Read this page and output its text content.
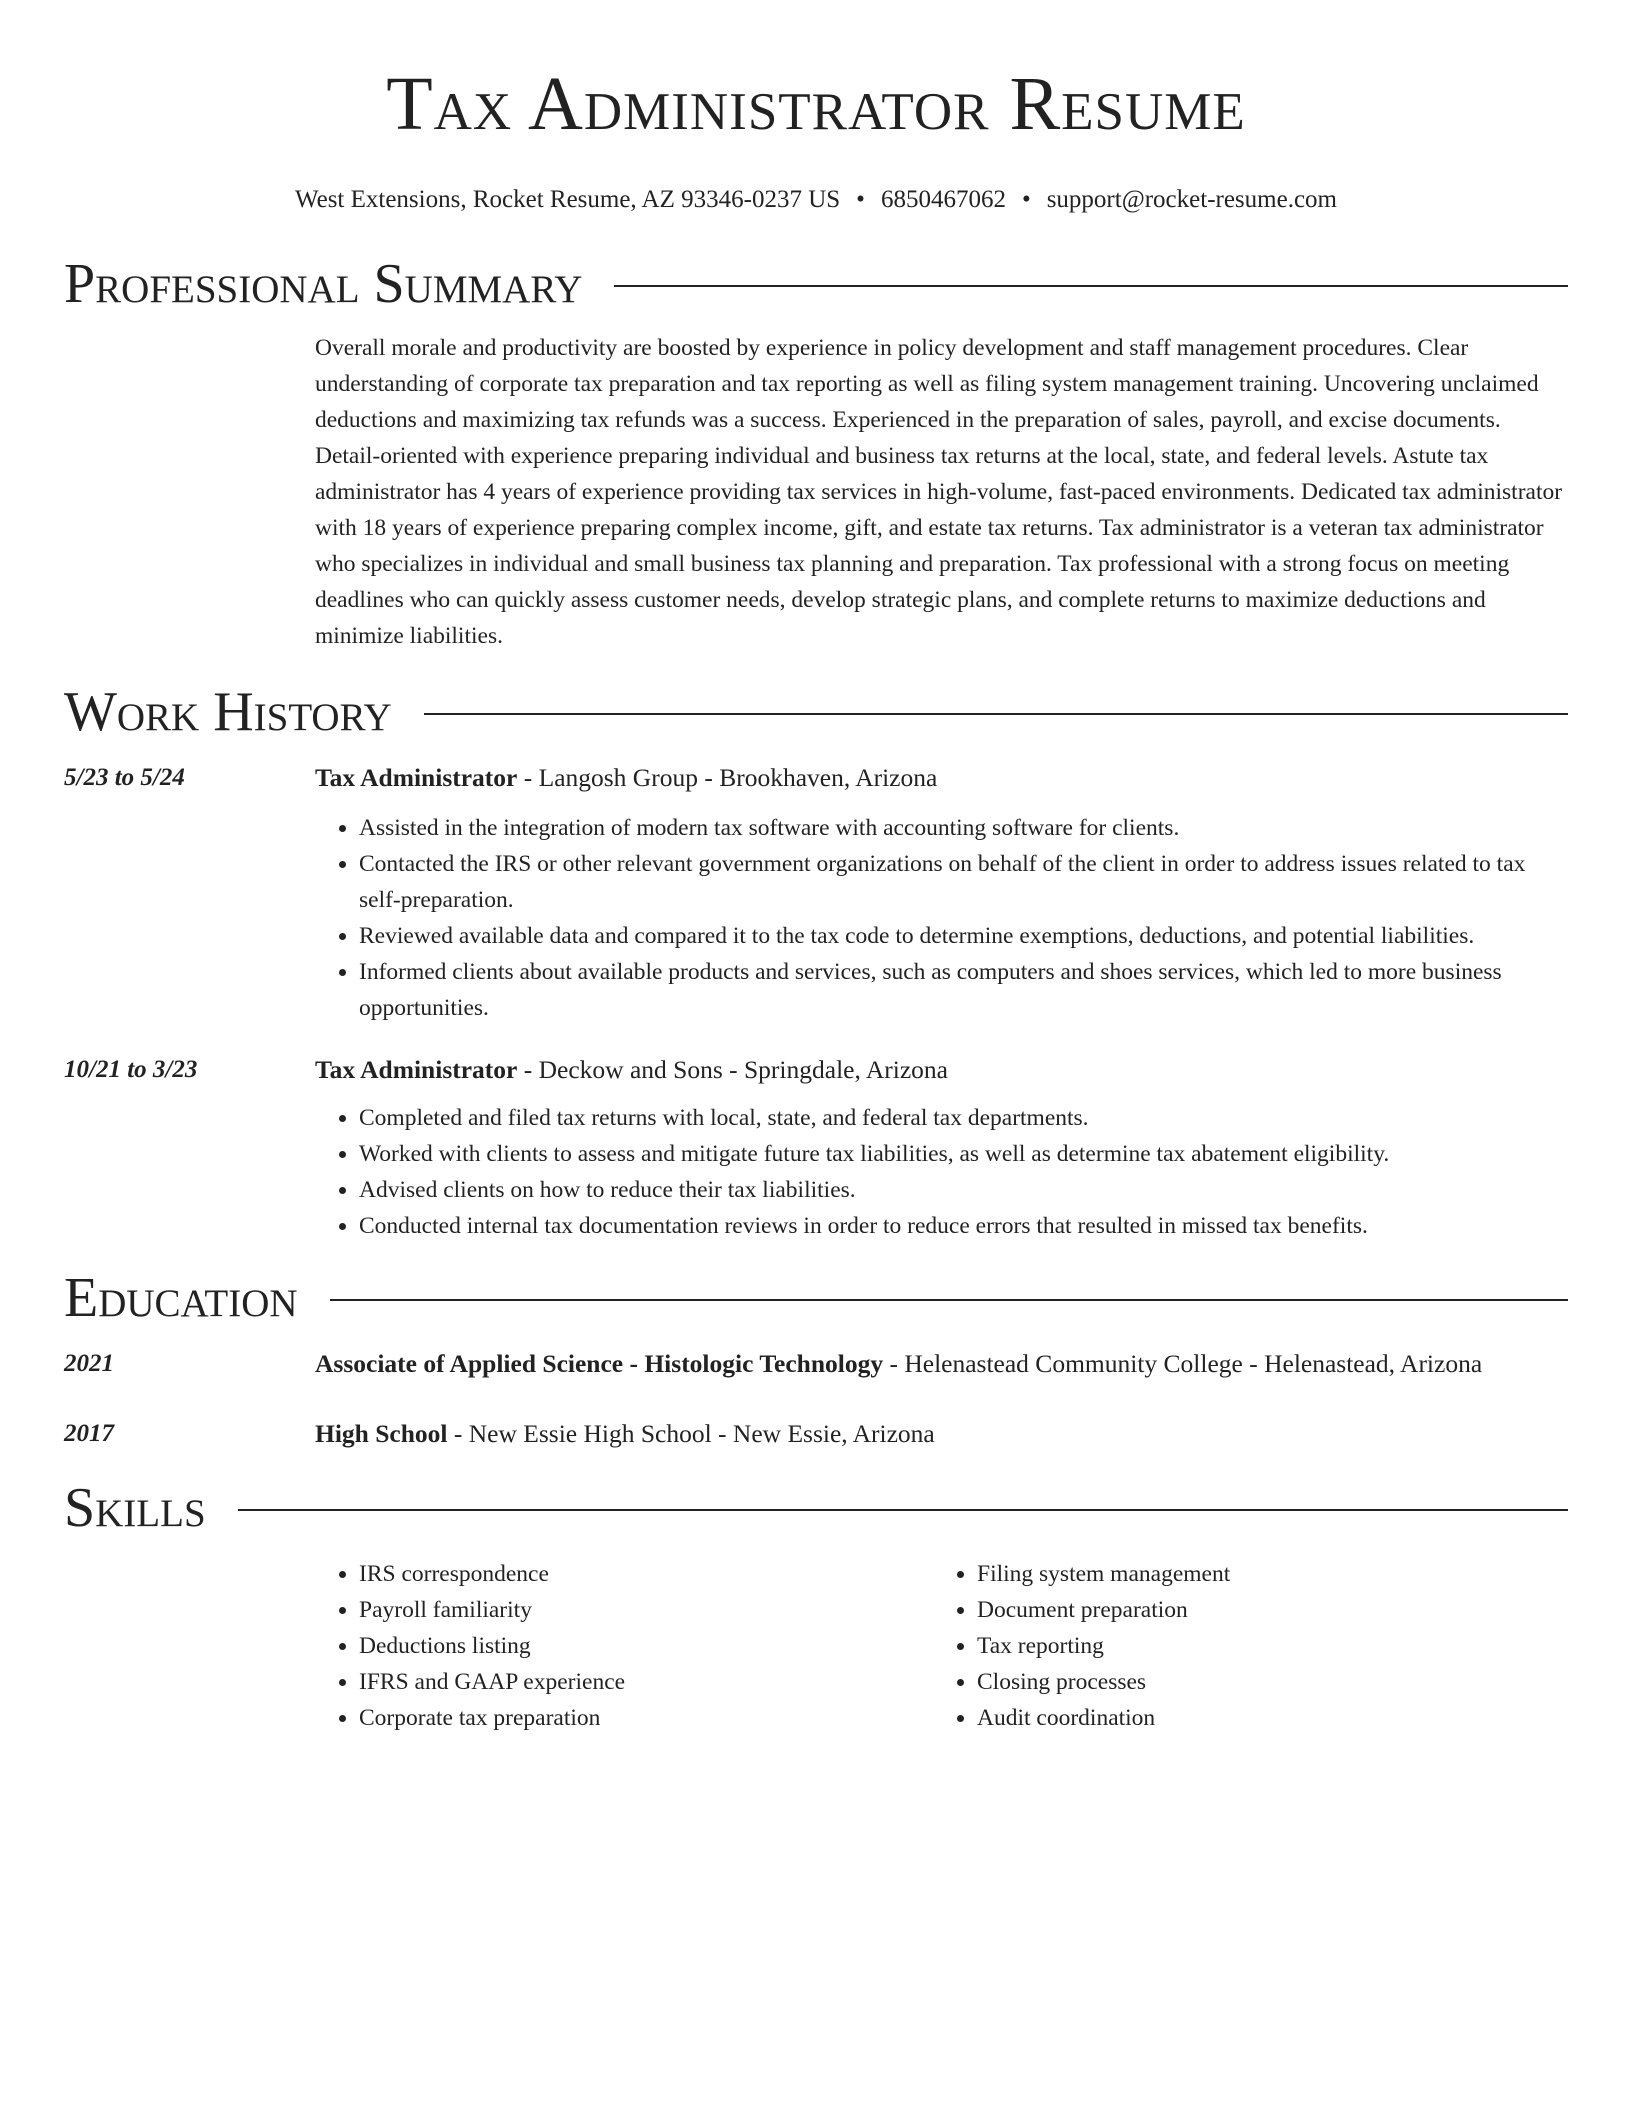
Tax Administrator Resume
West Extensions, Rocket Resume, AZ 93346-0237 US • 6850467062 • support@rocket-resume.com
Professional Summary

Overall morale and productivity are boosted by experience in policy development and staff management procedures. Clear understanding of corporate tax preparation and tax reporting as well as filing system management training. Uncovering unclaimed deductions and maximizing tax refunds was a success. Experienced in the preparation of sales, payroll, and excise documents. Detail-oriented with experience preparing individual and business tax returns at the local, state, and federal levels. Astute tax administrator has 4 years of experience providing tax services in high-volume, fast-paced environments. Dedicated tax administrator with 18 years of experience preparing complex income, gift, and estate tax returns. Tax administrator is a veteran tax administrator who specializes in individual and small business tax planning and preparation. Tax professional with a strong focus on meeting deadlines who can quickly assess customer needs, develop strategic plans, and complete returns to maximize deductions and minimize liabilities.

Work History
5/23 to 5/24	Tax Administrator - Langosh Group - Brookhaven, Arizona
• Assisted in the integration of modern tax software with accounting software for clients.
• Contacted the IRS or other relevant government organizations on behalf of the client in order to address issues related to tax self-preparation.
• Reviewed available data and compared it to the tax code to determine exemptions, deductions, and potential liabilities.
• Informed clients about available products and services, such as computers and shoes services, which led to more business opportunities.
10/21 to 3/23	Tax Administrator - Deckow and Sons - Springdale, Arizona
• Completed and filed tax returns with local, state, and federal tax departments.
• Worked with clients to assess and mitigate future tax liabilities, as well as determine tax abatement eligibility.
• Advised clients on how to reduce their tax liabilities.
• Conducted internal tax documentation reviews in order to reduce errors that resulted in missed tax benefits.
Education
2021	Associate of Applied Science - Histologic Technology - Helenastead Community College - Helenastead, Arizona
2017	High School - New Essie High School - New Essie, Arizona
Skills
• IRS correspondence
• Payroll familiarity
• Deductions listing
• IFRS and GAAP experience
• Corporate tax preparation
• Filing system management
• Document preparation
• Tax reporting
• Closing processes
• Audit coordination
